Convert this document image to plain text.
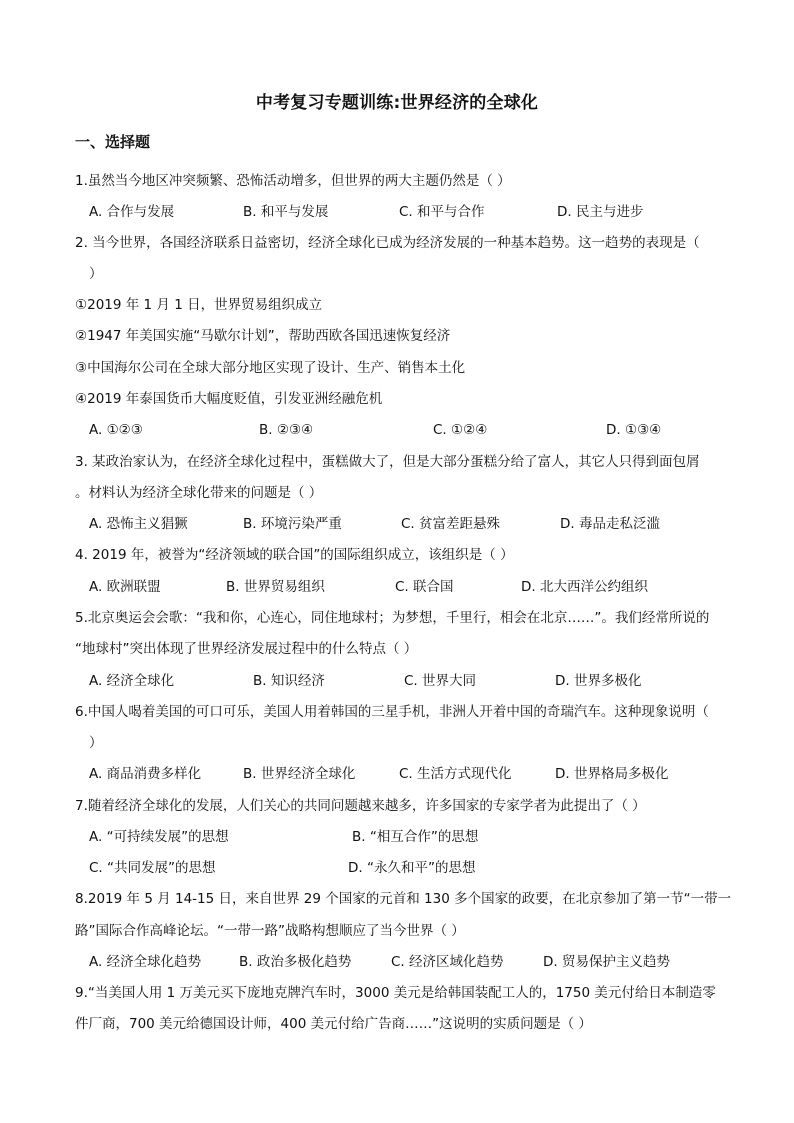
中考复习专题训练:世界经济的全球化
一、选择题
1.虽然当今地区冲突频繁、恐怖活动增多，但世界的两大主题仍然是（ ）
A. 合作与发展	B. 和平与发展	C. 和平与合作	D. 民主与进步
2. 当今世界，各国经济联系日益密切，经济全球化已成为经济发展的一种基本趋势。这一趋势的表现是（
）
①2019 年 1 月 1 日，世界贸易组织成立
②1947 年美国实施“马歇尔计划”，帮助西欧各国迅速恢复经济
③中国海尔公司在全球大部分地区实现了设计、生产、销售本土化
④2019 年泰国货币大幅度贬值，引发亚洲经融危机
A. ①②③	B. ②③④	C. ①②④	D. ①③④
3. 某政治家认为，在经济全球化过程中，蛋糕做大了，但是大部分蛋糕分给了富人，其它人只得到面包屑
。材料认为经济全球化带来的问题是（ ）
A. 恐怖主义猖獗	B. 环境污染严重	C. 贫富差距悬殊	D. 毒品走私泛滥
4. 2019 年，被誉为“经济领域的联合国”的国际组织成立，该组织是（ ）
A. 欧洲联盟	B. 世界贸易组织	C. 联合国	D. 北大西洋公约组织
5.北京奥运会会歌：“我和你，心连心，同住地球村；为梦想，千里行，相会在北京……”。我们经常所说的
“地球村”突出体现了世界经济发展过程中的什么特点（ ）
A. 经济全球化	B. 知识经济	C. 世界大同	D. 世界多极化
6.中国人喝着美国的可口可乐，美国人用着韩国的三星手机，非洲人开着中国的奇瑞汽车。这种现象说明（
）
A. 商品消费多样化	B. 世界经济全球化	C. 生活方式现代化	D. 世界格局多极化
7.随着经济全球化的发展，人们关心的共同问题越来越多，许多国家的专家学者为此提出了（ ）
A. “可持续发展”的思想	B. “相互合作”的思想
C. “共同发展”的思想	D. “永久和平”的思想
8.2019 年 5 月 14-15 日，来自世界 29 个国家的元首和 130 多个国家的政要，在北京参加了第一节“一带一
路”国际合作高峰论坛。“一带一路”战略构想顺应了当今世界（ ）
A. 经济全球化趋势	B. 政治多极化趋势	C. 经济区域化趋势	D. 贸易保护主义趋势
9.“当美国人用 1 万美元买下庞地克牌汽车时，3000 美元是给韩国装配工人的，1750 美元付给日本制造零
件厂商，700 美元给德国设计师，400 美元付给广告商……”这说明的实质问题是（ ）
